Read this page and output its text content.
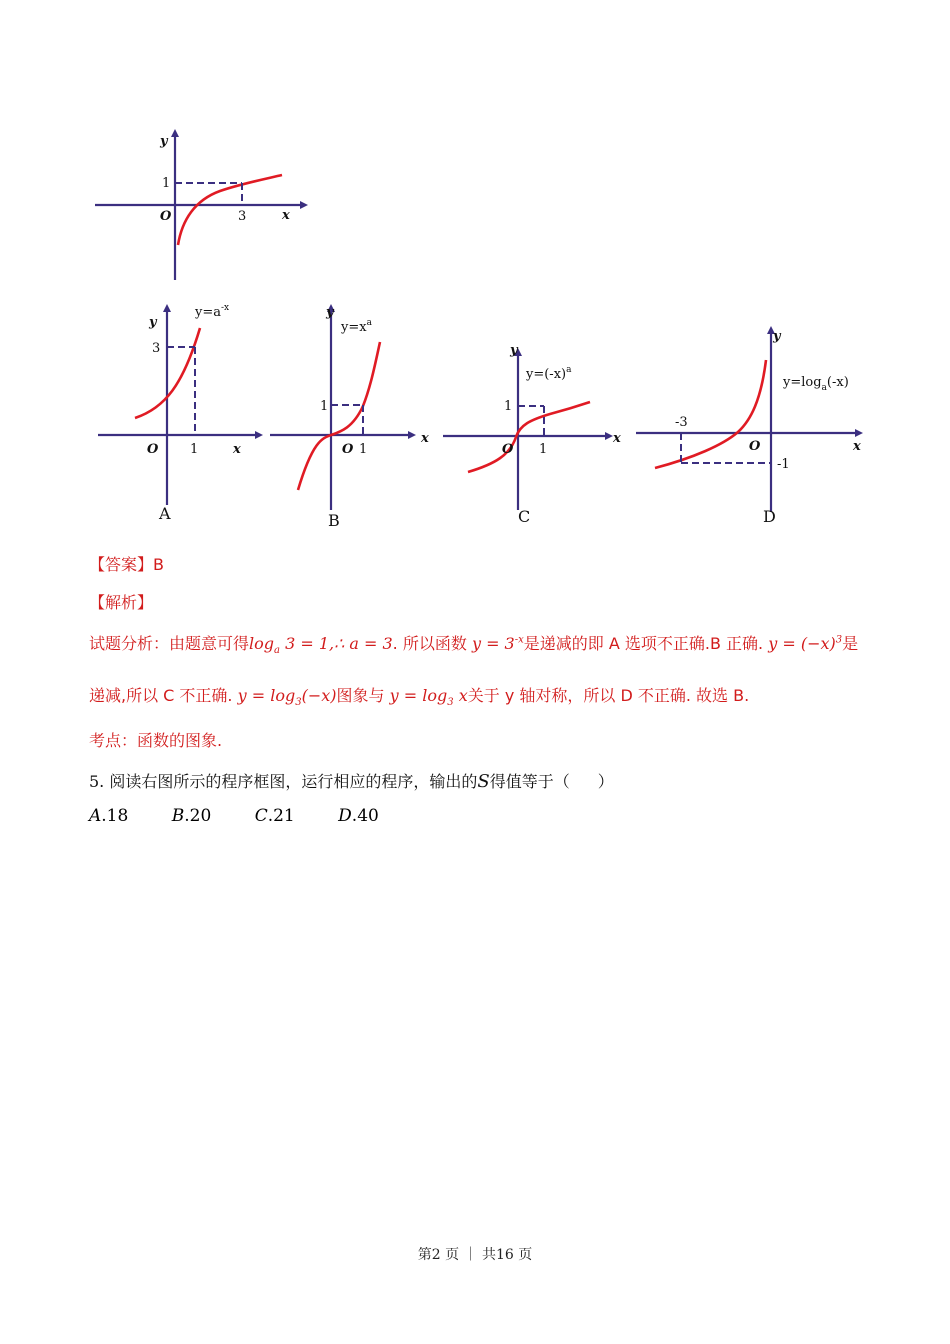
y
x
O
1
3
$y=a^{-x}$
y
x
O
3
1
A
$y=x^a$
y
x
O
1
1
B
$y=(-x)^a$
y
x
O
1
1
C
$y=\log_a(-x)$
y
x
O
-1
-3
D
【答案】B
【解析】
试题分析：由题意可得$\log_a 3$ = 1,∴ a = 3. 所以函数 $y = 3^{-x}$是递减的即 A 选项不正确.B 正确. $y = (-x)^3$是
递减,所以 C 不正确. $y = \log_3(-x)$图象与 $y = \log_3 x$关于 y 轴对称，所以 D 不正确. 故选 B.
考点：函数的图象.
5. 阅读右图所示的程序框图，运行相应的程序，输出的S得值等于（ ）
A.18	B.20	C.21	D.40
第2 页 ｜ 共16 页
